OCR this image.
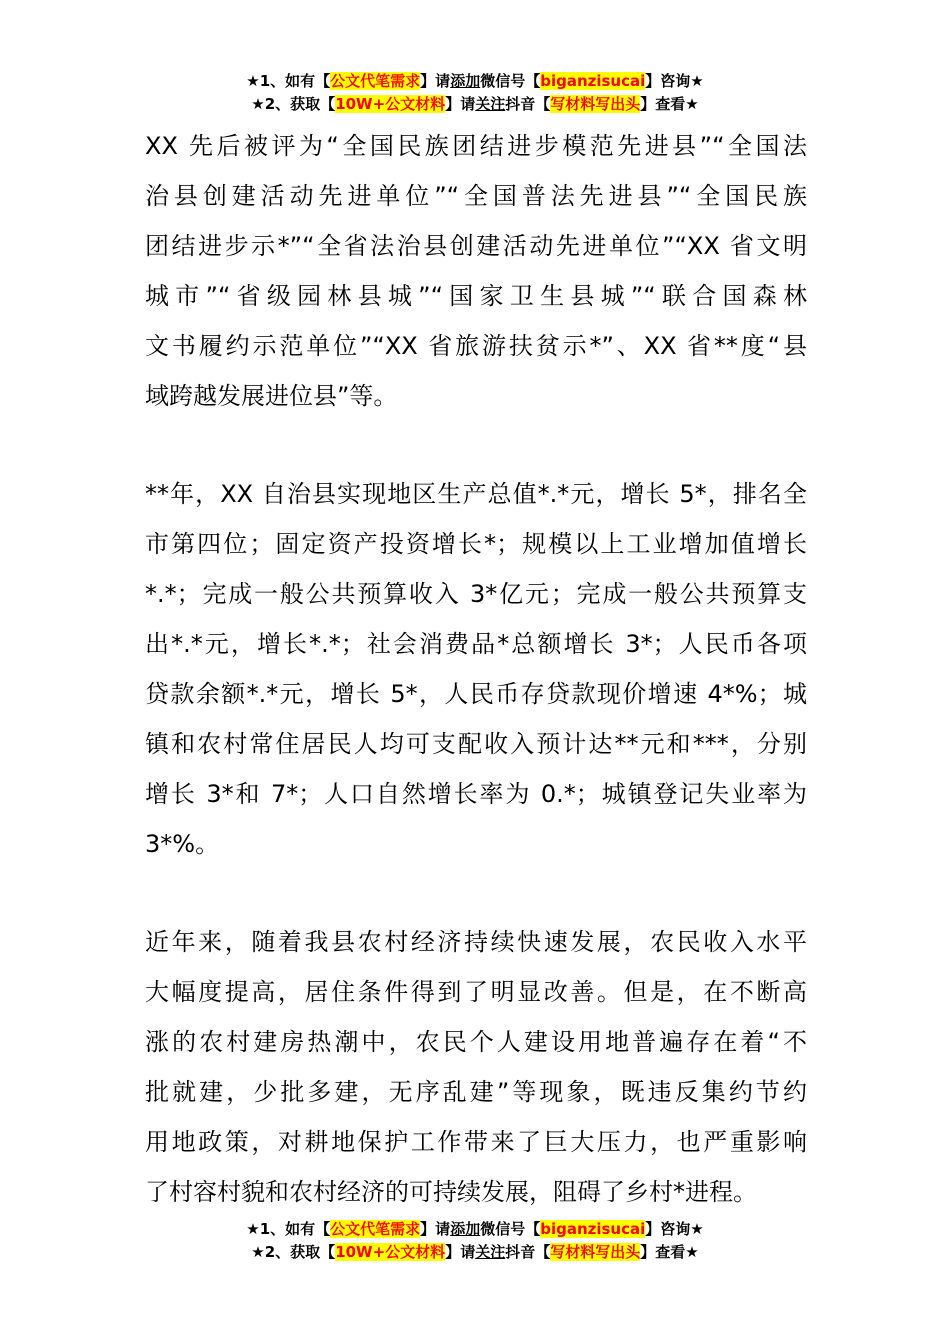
★1、如有【公文代笔需求】请添加微信号【biganzisucai】咨询★
★2、获取【10W+公文材料】请关注抖音【写材料写出头】查看★
XX 先后被评为“全国民族团结进步模范先进县”“全国法
治县创建活动先进单位”“全国普法先进县”“全国民族
团结进步示*”“全省法治县创建活动先进单位”“XX 省文明
城市”“省级园林县城”“国家卫生县城”“联合国森林
文书履约示范单位”“XX 省旅游扶贫示*”、XX 省**度“县
域跨越发展进位县”等。
**年，XX 自治县实现地区生产总值*.*元，增长 5*，排名全
市第四位；固定资产投资增长*；规模以上工业增加值增长
*.*；完成一般公共预算收入 3*亿元；完成一般公共预算支
出*.*元，增长*.*；社会消费品*总额增长 3*；人民币各项
贷款余额*.*元，增长 5*，人民币存贷款现价增速 4*%；城
镇和农村常住居民人均可支配收入预计达**元和***，分别
增长 3*和 7*；人口自然增长率为 0.*；城镇登记失业率为
3*%。
近年来，随着我县农村经济持续快速发展，农民收入水平
大幅度提高，居住条件得到了明显改善。但是，在不断高
涨的农村建房热潮中，农民个人建设用地普遍存在着“不
批就建，少批多建，无序乱建”等现象，既违反集约节约
用地政策，对耕地保护工作带来了巨大压力，也严重影响
了村容村貌和农村经济的可持续发展，阻碍了乡村*进程。
★1、如有【公文代笔需求】请添加微信号【biganzisucai】咨询★
★2、获取【10W+公文材料】请关注抖音【写材料写出头】查看★
